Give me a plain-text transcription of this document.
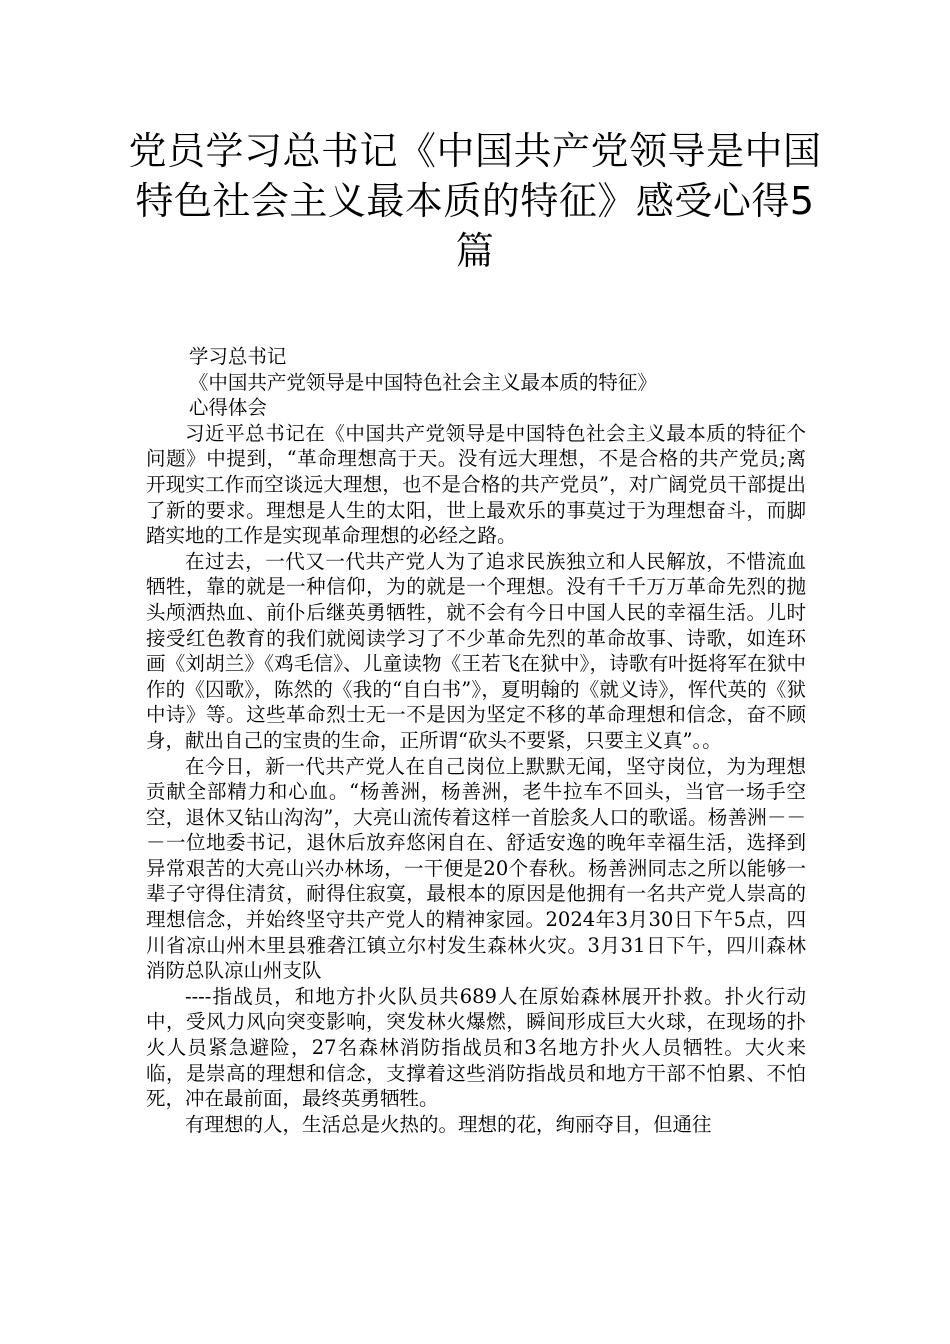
党员学习总书记《中国共产党领导是中国特色社会主义最本质的特征》感受心得5篇

学习总书记

《中国共产党领导是中国特色社会主义最本质的特征》

心得体会

习近平总书记在《中国共产党领导是中国特色社会主义最本质的特征个问题》中提到，“革命理想高于天。没有远大理想，不是合格的共产党员;离开现实工作而空谈远大理想，也不是合格的共产党员”，对广阔党员干部提出了新的要求。理想是人生的太阳，世上最欢乐的事莫过于为理想奋斗，而脚踏实地的工作是实现革命理想的必经之路。

在过去，一代又一代共产党人为了追求民族独立和人民解放，不惜流血牺牲，靠的就是一种信仰，为的就是一个理想。没有千千万万革命先烈的抛头颅洒热血、前仆后继英勇牺牲，就不会有今日中国人民的幸福生活。儿时接受红色教育的我们就阅读学习了不少革命先烈的革命故事、诗歌，如连环画《刘胡兰》《鸡毛信》、儿童读物《王若飞在狱中》，诗歌有叶挺将军在狱中作的《囚歌》，陈然的《我的“自白书”》，夏明翰的《就义诗》，恽代英的《狱中诗》等。这些革命烈士无一不是因为坚定不移的革命理想和信念，奋不顾身，献出自己的宝贵的生命，正所谓“砍头不要紧，只要主义真”。。

在今日，新一代共产党人在自己岗位上默默无闻，坚守岗位，为为理想贡献全部精力和心血。“杨善洲，杨善洲，老牛拉车不回头，当官一场手空空，退休又钻山沟沟”，大亮山流传着这样一首脍炙人口的歌谣。杨善洲－－－一位地委书记，退休后放弃悠闲自在、舒适安逸的晚年幸福生活，选择到异常艰苦的大亮山兴办林场，一干便是20个春秋。杨善洲同志之所以能够一辈子守得住清贫，耐得住寂寞，最根本的原因是他拥有一名共产党人崇高的理想信念，并始终坚守共产党人的精神家园。2024年3月30日下午5点，四川省凉山州木里县雅砻江镇立尔村发生森林火灾。3月31日下午，四川森林消防总队凉山州支队

----指战员，和地方扑火队员共689人在原始森林展开扑救。扑火行动中，受风力风向突变影响，突发林火爆燃，瞬间形成巨大火球，在现场的扑火人员紧急避险，27名森林消防指战员和3名地方扑火人员牺牲。大火来临，是崇高的理想和信念，支撑着这些消防指战员和地方干部不怕累、不怕死，冲在最前面，最终英勇牺牲。

有理想的人，生活总是火热的。理想的花，绚丽夺目，但通往
